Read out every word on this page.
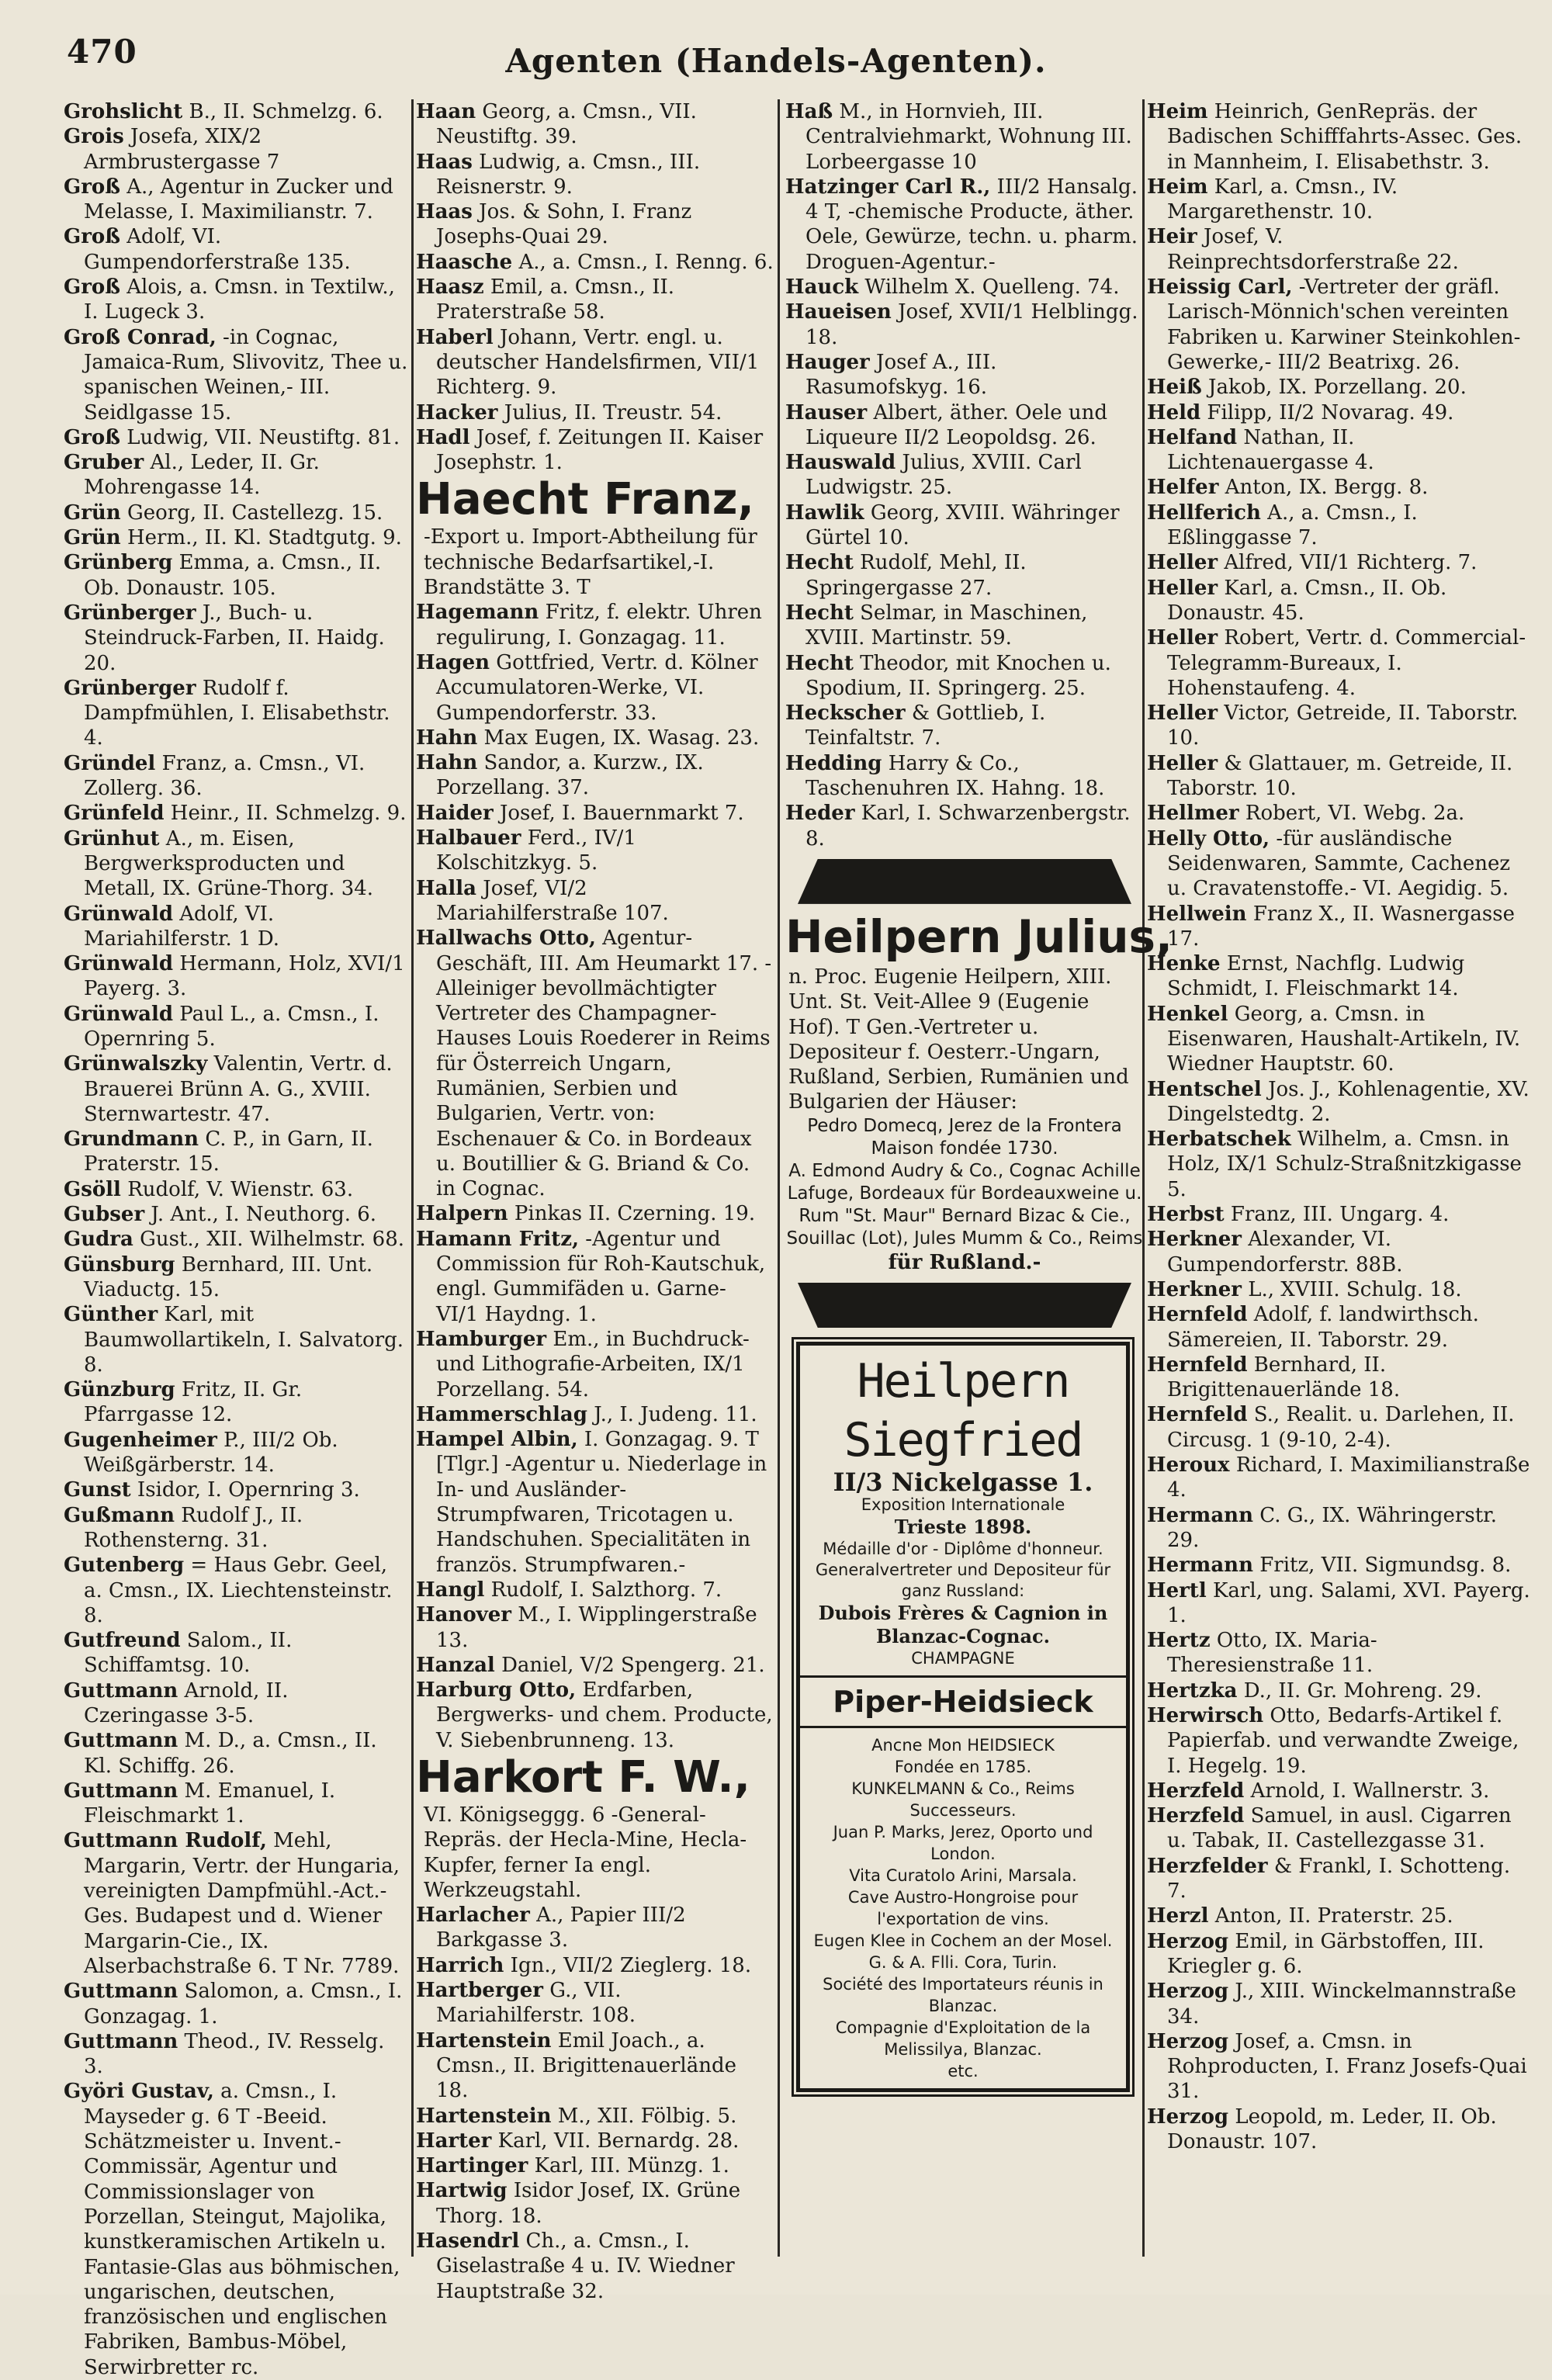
470	Agenten (Handels-Agenten).
Grohslicht B., II. Schmelzg. 6.
Grois Josefa, XIX/2 Armbrustergasse 7
Groß A., Agentur in Zucker und Melasse, I. Maximilianstr. 7.
Groß Adolf, VI. Gumpendorferstraße 135.
Groß Alois, a. Cmsn. in Textilw., I. Lugeck 3.
Groß Conrad, -in Cognac, Jamaica-Rum, Slivovitz, Thee u. spanischen Weinen,- III. Seidlgasse 15.
Groß Ludwig, VII. Neustiftg. 81.
Gruber Al., Leder, II. Gr. Mohrengasse 14.
Grün Georg, II. Castellezg. 15.
Grün Herm., II. Kl. Stadtgutg. 9.
Grünberg Emma, a. Cmsn., II. Ob. Donaustr. 105.
Grünberger J., Buch- u. Steindruck-Farben, II. Haidg. 20.
Grünberger Rudolf f. Dampfmühlen, I. Elisabethstr. 4.
Gründel Franz, a. Cmsn., VI. Zollerg. 36.
Grünfeld Heinr., II. Schmelzg. 9.
Grünhut A., m. Eisen, Bergwerksproducten und Metall, IX. Grüne-Thorg. 34.
Grünwald Adolf, VI. Mariahilferstr. 1 D.
Grünwald Hermann, Holz, XVI/1 Payerg. 3.
Grünwald Paul L., a. Cmsn., I. Opernring 5.
Grünwalszky Valentin, Vertr. d. Brauerei Brünn A. G., XVIII. Sternwartestr. 47.
Grundmann C. P., in Garn, II. Praterstr. 15.
Gsöll Rudolf, V. Wienstr. 63.
Gubser J. Ant., I. Neuthorg. 6.
Gudra Gust., XII. Wilhelmstr. 68.
Günsburg Bernhard, III. Unt. Viaductg. 15.
Günther Karl, mit Baumwollartikeln, I. Salvatorg. 8.
Günzburg Fritz, II. Gr. Pfarrgasse 12.
Gugenheimer P., III/2 Ob. Weißgärberstr. 14.
Gunst Isidor, I. Opernring 3.
Gußmann Rudolf J., II. Rothensterng. 31.
Gutenberg = Haus Gebr. Geel, a. Cmsn., IX. Liechtensteinstr. 8.
Gutfreund Salom., II. Schiffamtsg. 10.
Guttmann Arnold, II. Czeringasse 3-5.
Guttmann M. D., a. Cmsn., II. Kl. Schiffg. 26.
Guttmann M. Emanuel, I. Fleischmarkt 1.
Guttmann Rudolf, Mehl, Margarin, Vertr. der Hungaria, vereinigten Dampfmühl.-Act.-Ges. Budapest und d. Wiener Margarin-Cie., IX. Alserbachstraße 6. T Nr. 7789.
Guttmann Salomon, a. Cmsn., I. Gonzagag. 1.
Guttmann Theod., IV. Resselg. 3.
Györi Gustav, a. Cmsn., I. Mayseder g. 6 T -Beeid. Schätzmeister u. Invent.-Commissär, Agentur und Commissionslager von Porzellan, Steingut, Majolika, kunstkeramischen Artikeln u. Fantasie-Glas aus böhmischen, ungarischen, deutschen, französischen und englischen Fabriken, Bambus-Möbel, Serwirbretter rc.
Haan Georg, a. Cmsn., VII. Neustiftg. 39.
Haas Ludwig, a. Cmsn., III. Reisnerstr. 9.
Haas Jos. & Sohn, I. Franz Josephs-Quai 29.
Haasche A., a. Cmsn., I. Renng. 6.
Haasz Emil, a. Cmsn., II. Praterstraße 58.
Haberl Johann, Vertr. engl. u. deutscher Handelsfirmen, VII/1 Richterg. 9.
Hacker Julius, II. Treustr. 54.
Hadl Josef, f. Zeitungen II. Kaiser Josephstr. 1.
Haecht Franz,
-Export u. Import-Abtheilung für technische Bedarfsartikel,-I. Brandstätte 3. T
Hagemann Fritz, f. elektr. Uhren regulirung, I. Gonzagag. 11.
Hagen Gottfried, Vertr. d. Kölner Accumulatoren-Werke, VI. Gumpendorferstr. 33.
Hahn Max Eugen, IX. Wasag. 23.
Hahn Sandor, a. Kurzw., IX. Porzellang. 37.
Haider Josef, I. Bauernmarkt 7.
Halbauer Ferd., IV/1 Kolschitzkyg. 5.
Halla Josef, VI/2 Mariahilferstraße 107.
Hallwachs Otto, Agentur-Geschäft, III. Am Heumarkt 17. -Alleiniger bevollmächtigter Vertreter des Champagner-Hauses Louis Roederer in Reims für Österreich Ungarn, Rumänien, Serbien und Bulgarien, Vertr. von: Eschenauer & Co. in Bordeaux u. Boutillier & G. Briand & Co. in Cognac.
Halpern Pinkas II. Czerning. 19.
Hamann Fritz, -Agentur und Commission für Roh-Kautschuk, engl. Gummifäden u. Garne- VI/1 Haydng. 1.
Hamburger Em., in Buchdruck- und Lithografie-Arbeiten, IX/1 Porzellang. 54.
Hammerschlag J., I. Judeng. 11.
Hampel Albin, I. Gonzagag. 9. T [Tlgr.] -Agentur u. Niederlage in In- und Ausländer-Strumpfwaren, Tricotagen u. Handschuhen. Specialitäten in französ. Strumpfwaren.-
Hangl Rudolf, I. Salzthorg. 7.
Hanover M., I. Wipplingerstraße 13.
Hanzal Daniel, V/2 Spengerg. 21.
Harburg Otto, Erdfarben, Bergwerks- und chem. Producte, V. Siebenbrunneng. 13.
Harkort F. W.,
VI. Königseggg. 6 -General-Repräs. der Hecla-Mine, Hecla-Kupfer, ferner Ia engl. Werkzeugstahl.
Harlacher A., Papier III/2 Barkgasse 3.
Harrich Ign., VII/2 Zieglerg. 18.
Hartberger G., VII. Mariahilferstr. 108.
Hartenstein Emil Joach., a. Cmsn., II. Brigittenauerlände 18.
Hartenstein M., XII. Fölbig. 5.
Harter Karl, VII. Bernardg. 28.
Hartinger Karl, III. Münzg. 1.
Hartwig Isidor Josef, IX. Grüne Thorg. 18.
Hasendrl Ch., a. Cmsn., I. Giselastraße 4 u. IV. Wiedner Hauptstraße 32.
Haß M., in Hornvieh, III. Centralviehmarkt, Wohnung III. Lorbeergasse 10
Hatzinger Carl R., III/2 Hansalg. 4 T, -chemische Producte, äther. Oele, Gewürze, techn. u. pharm. Droguen-Agentur.-
Hauck Wilhelm X. Quelleng. 74.
Haueisen Josef, XVII/1 Helblingg. 18.
Hauger Josef A., III. Rasumofskyg. 16.
Hauser Albert, äther. Oele und Liqueure II/2 Leopoldsg. 26.
Hauswald Julius, XVIII. Carl Ludwigstr. 25.
Hawlik Georg, XVIII. Währinger Gürtel 10.
Hecht Rudolf, Mehl, II. Springergasse 27.
Hecht Selmar, in Maschinen, XVIII. Martinstr. 59.
Hecht Theodor, mit Knochen u. Spodium, II. Springerg. 25.
Heckscher & Gottlieb, I. Teinfaltstr. 7.
Hedding Harry & Co., Taschenuhren IX. Hahng. 18.
Heder Karl, I. Schwarzenbergstr. 8.
Heilpern Julius,
n. Proc. Eugenie Heilpern, XIII. Unt. St. Veit-Allee 9 (Eugenie Hof). T Gen.-Vertreter u. Depositeur f. Oesterr.-Ungarn, Rußland, Serbien, Rumänien und Bulgarien der Häuser:
Pedro Domecq, Jerez de la Frontera Maison fondée 1730.
A. Edmond Audry & Co., Cognac Achille Lafuge, Bordeaux für Bordeauxweine u. Rum "St. Maur" Bernard Bizac & Cie., Souillac (Lot), Jules Mumm & Co., Reims
für Rußland.-
Heilpern Siegfried
II/3 Nickelgasse 1.
Exposition Internationale
Trieste 1898.
Médaille d'or - Diplôme d'honneur.
Generalvertreter und Depositeur für ganz Russland:
Dubois Frères & Cagnion in Blanzac-Cognac.
CHAMPAGNE
Piper-Heidsieck
Ancne Mon HEIDSIECK
Fondée en 1785.
KUNKELMANN & Co., Reims
Successeurs.
Juan P. Marks, Jerez, Oporto und London.
Vita Curatolo Arini, Marsala.
Cave Austro-Hongroise pour l'exportation de vins.
Eugen Klee in Cochem an der Mosel.
G. & A. Flli. Cora, Turin.
Société des Importateurs réunis in Blanzac.
Compagnie d'Exploitation de la Melissilya, Blanzac.
etc.
Heim Heinrich, GenRepräs. der Badischen Schifffahrts-Assec. Ges. in Mannheim, I. Elisabethstr. 3.
Heim Karl, a. Cmsn., IV. Margarethenstr. 10.
Heir Josef, V. Reinprechtsdorferstraße 22.
Heissig Carl, -Vertreter der gräfl. Larisch-Mönnich'schen vereinten Fabriken u. Karwiner Steinkohlen-Gewerke,- III/2 Beatrixg. 26.
Heiß Jakob, IX. Porzellang. 20.
Held Filipp, II/2 Novarag. 49.
Helfand Nathan, II. Lichtenauergasse 4.
Helfer Anton, IX. Bergg. 8.
Hellferich A., a. Cmsn., I. Eßlinggasse 7.
Heller Alfred, VII/1 Richterg. 7.
Heller Karl, a. Cmsn., II. Ob. Donaustr. 45.
Heller Robert, Vertr. d. Commercial-Telegramm-Bureaux, I. Hohenstaufeng. 4.
Heller Victor, Getreide, II. Taborstr. 10.
Heller & Glattauer, m. Getreide, II. Taborstr. 10.
Hellmer Robert, VI. Webg. 2a.
Helly Otto, -für ausländische Seidenwaren, Sammte, Cachenez u. Cravatenstoffe.- VI. Aegidig. 5.
Hellwein Franz X., II. Wasnergasse 17.
Henke Ernst, Nachflg. Ludwig Schmidt, I. Fleischmarkt 14.
Henkel Georg, a. Cmsn. in Eisenwaren, Haushalt-Artikeln, IV. Wiedner Hauptstr. 60.
Hentschel Jos. J., Kohlenagentie, XV. Dingelstedtg. 2.
Herbatschek Wilhelm, a. Cmsn. in Holz, IX/1 Schulz-Straßnitzkigasse 5.
Herbst Franz, III. Ungarg. 4.
Herkner Alexander, VI. Gumpendorferstr. 88B.
Herkner L., XVIII. Schulg. 18.
Hernfeld Adolf, f. landwirthsch. Sämereien, II. Taborstr. 29.
Hernfeld Bernhard, II. Brigittenauerlände 18.
Hernfeld S., Realit. u. Darlehen, II. Circusg. 1 (9-10, 2-4).
Heroux Richard, I. Maximilianstraße 4.
Hermann C. G., IX. Währingerstr. 29.
Hermann Fritz, VII. Sigmundsg. 8.
Hertl Karl, ung. Salami, XVI. Payerg. 1.
Hertz Otto, IX. Maria-Theresienstraße 11.
Hertzka D., II. Gr. Mohreng. 29.
Herwirsch Otto, Bedarfs-Artikel f. Papierfab. und verwandte Zweige, I. Hegelg. 19.
Herzfeld Arnold, I. Wallnerstr. 3.
Herzfeld Samuel, in ausl. Cigarren u. Tabak, II. Castellezgasse 31.
Herzfelder & Frankl, I. Schotteng. 7.
Herzl Anton, II. Praterstr. 25.
Herzog Emil, in Gärbstoffen, III. Kriegler g. 6.
Herzog J., XIII. Winckelmannstraße 34.
Herzog Josef, a. Cmsn. in Rohproducten, I. Franz Josefs-Quai 31.
Herzog Leopold, m. Leder, II. Ob. Donaustr. 107.
